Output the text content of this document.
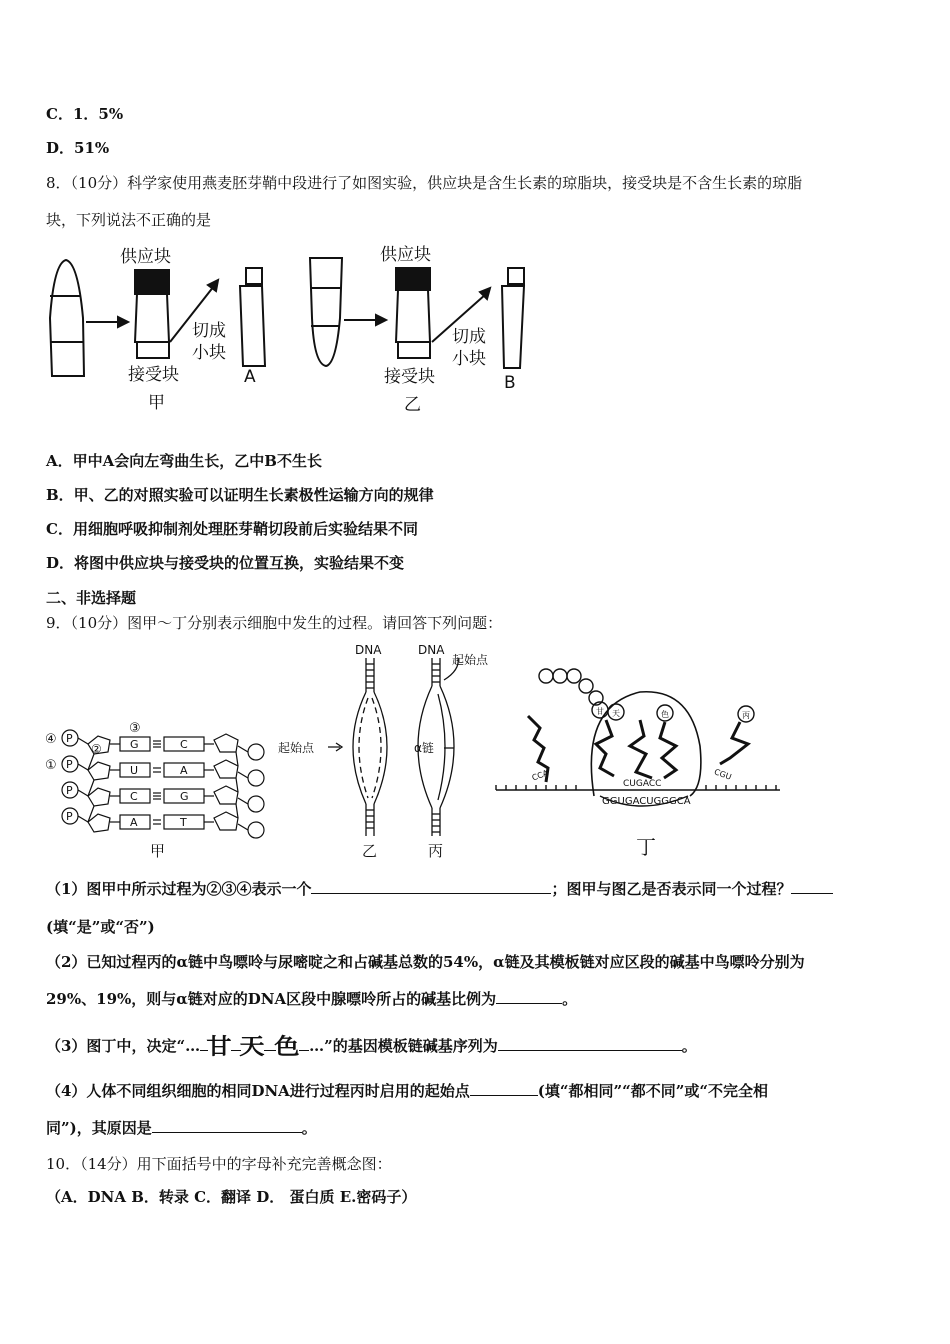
C．1．5%
D．51%
8．（10分）科学家使用燕麦胚芽鞘中段进行了如图实验，供应块是含生长素的琼脂块，接受块是不含生长素的琼脂
块，下列说法不正确的是
供应块
切成
小块
接受块	A
甲
供应块
切成
小块
接受块	B
乙
A．甲中A会向左弯曲生长，乙中B不生长
B．甲、乙的对照实验可以证明生长素极性运输方向的规律
C．用细胞呼吸抑制剂处理胚芽鞘切段前后实验结果不同
D．将图中供应块与接受块的位置互换，实验结果不变
二、非选择题
9．（10分）图甲～丁分别表示细胞中发生的过程。请回答下列问题：
P
P
P
P
④
①
②
③
G
U
C
A
C
A
G
T
甲
DNA
起始点
乙
DNA
起始点
α链
丙
甘 天	色	丙
CCA
CUGACC
CGU
GGUGACUGGGCA
丁
（1）图甲中所示过程为②③④表示一个	；图甲与图乙是否表示同一个过程？
(填“是”或“否”)
（2）已知过程丙的α链中鸟嘌呤与尿嘧啶之和占碱基总数的54%，α链及其模板链对应区段的碱基中鸟嘌呤分别为
29%、19%，则与α链对应的DNA区段中腺嘌呤所占的碱基比例为	。
（3）图丁中，决定“… 甘 天 色 …”的基因模板链碱基序列为	。
（4）人体不同组织细胞的相同DNA进行过程丙时启用的起始点	(填“都相同”“都不同”或“不完全相
同”)，其原因是	。
10．（14分）用下面括号中的字母补充完善概念图：
（A．DNA B．转录 C．翻译 D． 蛋白质 E.密码子）
